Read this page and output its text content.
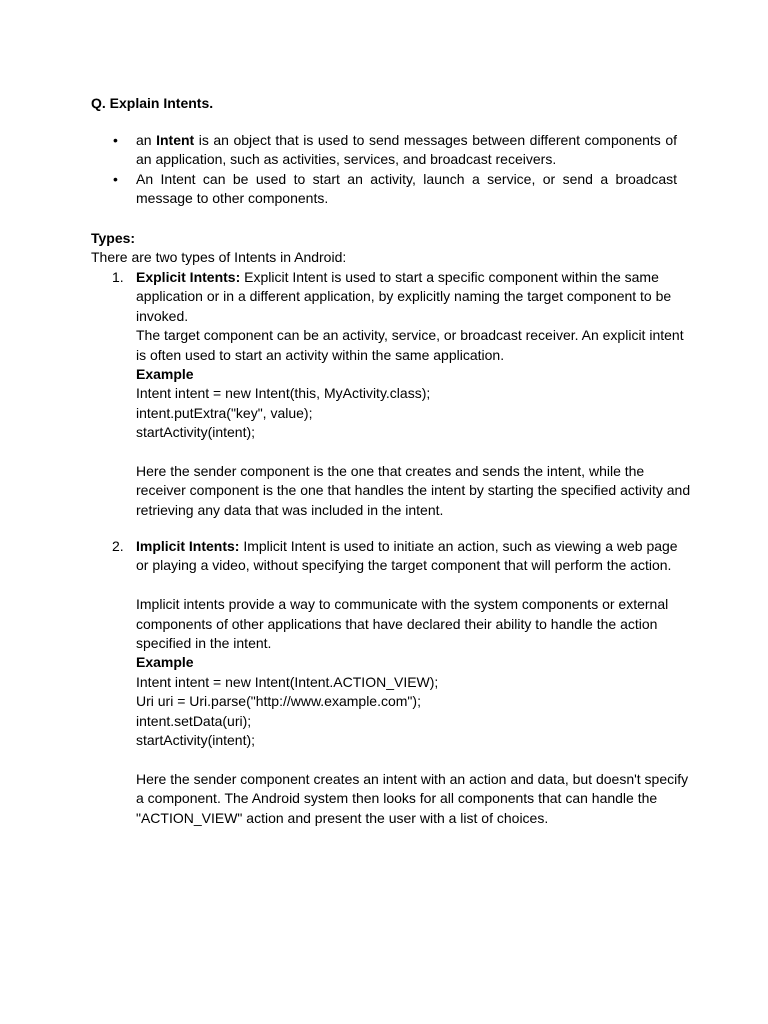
Q. Explain Intents.
• an Intent is an object that is used to send messages between different components of an application, such as activities, services, and broadcast receivers.
• An Intent can be used to start an activity, launch a service, or send a broadcast message to other components.
Types:
There are two types of Intents in Android:
1. Explicit Intents: Explicit Intent is used to start a specific component within the same application or in a different application, by explicitly naming the target component to be invoked.

The target component can be an activity, service, or broadcast receiver. An explicit intent is often used to start an activity within the same application.

Example

Intent intent = new Intent(this, MyActivity.class);

intent.putExtra("key", value);

startActivity(intent);

Here the sender component is the one that creates and sends the intent, while the receiver component is the one that handles the intent by starting the specified activity and retrieving any data that was included in the intent.

2. Implicit Intents: Implicit Intent is used to initiate an action, such as viewing a web page or playing a video, without specifying the target component that will perform the action.

Implicit intents provide a way to communicate with the system components or external components of other applications that have declared their ability to handle the action specified in the intent.

Example

Intent intent = new Intent(Intent.ACTION_VIEW);

Uri uri = Uri.parse("http://www.example.com");

intent.setData(uri);

startActivity(intent);

Here the sender component creates an intent with an action and data, but doesn't specify a component. The Android system then looks for all components that can handle the "ACTION_VIEW" action and present the user with a list of choices.
